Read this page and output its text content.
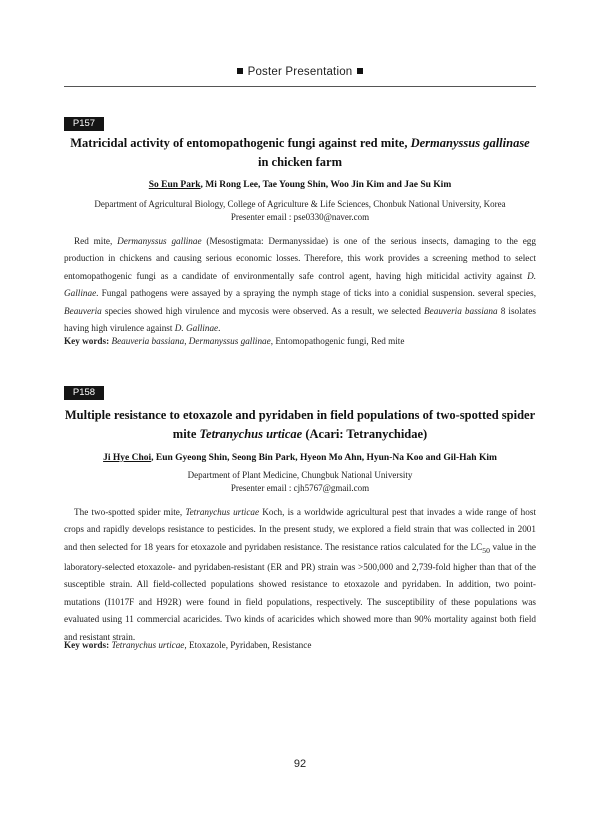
Poster Presentation
P157
Matricidal activity of entomopathogenic fungi against red mite, Dermanyssus gallinase in chicken farm
So Eun Park, Mi Rong Lee, Tae Young Shin, Woo Jin Kim and Jae Su Kim
Department of Agricultural Biology, College of Agriculture & Life Sciences, Chonbuk National University, Korea
Presenter email : pse0330@naver.com

Red mite, Dermanyssus gallinae (Mesostigmata: Dermanyssidae) is one of the serious insects, damaging to the egg production in chickens and causing serious economic losses. Therefore, this work provides a screening method to select entomopathogenic fungi as a candidate of environmentally safe control agent, having high miticidal activity against D. Gallinae. Fungal pathogens were assayed by a spraying the nymph stage of ticks into a conidial suspension. several species, Beauveria species showed high virulence and mycosis were observed. As a result, we selected Beauveria bassiana 8 isolates having high virulence against D. Gallinae.

Key words: Beauveria bassiana, Dermanyssus gallinae, Entomopathogenic fungi, Red mite
P158
Multiple resistance to etoxazole and pyridaben in field populations of two-spotted spider mite Tetranychus urticae (Acari: Tetranychidae)
Ji Hye Choi, Eun Gyeong Shin, Seong Bin Park, Hyeon Mo Ahn, Hyun-Na Koo and Gil-Hah Kim
Department of Plant Medicine, Chungbuk National University
Presenter email : cjh5767@gmail.com

The two-spotted spider mite, Tetranychus urticae Koch, is a worldwide agricultural pest that invades a wide range of host crops and rapidly develops resistance to pesticides. In the present study, we explored a field strain that was collected in 2001 and then selected for 18 years for etoxazole and pyridaben resistance. The resistance ratios calculated for the $LC_{50}$ value in the laboratory-selected etoxazole- and pyridaben-resistant (ER and PR) strain was >500,000 and 2,739-fold higher than that of the susceptible strain. All field-collected populations showed resistance to etoxazole and pyridaben. In addition, two point-mutations (I1017F and H92R) were found in field populations, respectively. The susceptibility of these populations was evaluated using 11 commercial acaricides. Two kinds of acaricides which showed more than 90% mortality against both field and resistant strain.

Key words: Tetranychus urticae, Etoxazole, Pyridaben, Resistance
92
